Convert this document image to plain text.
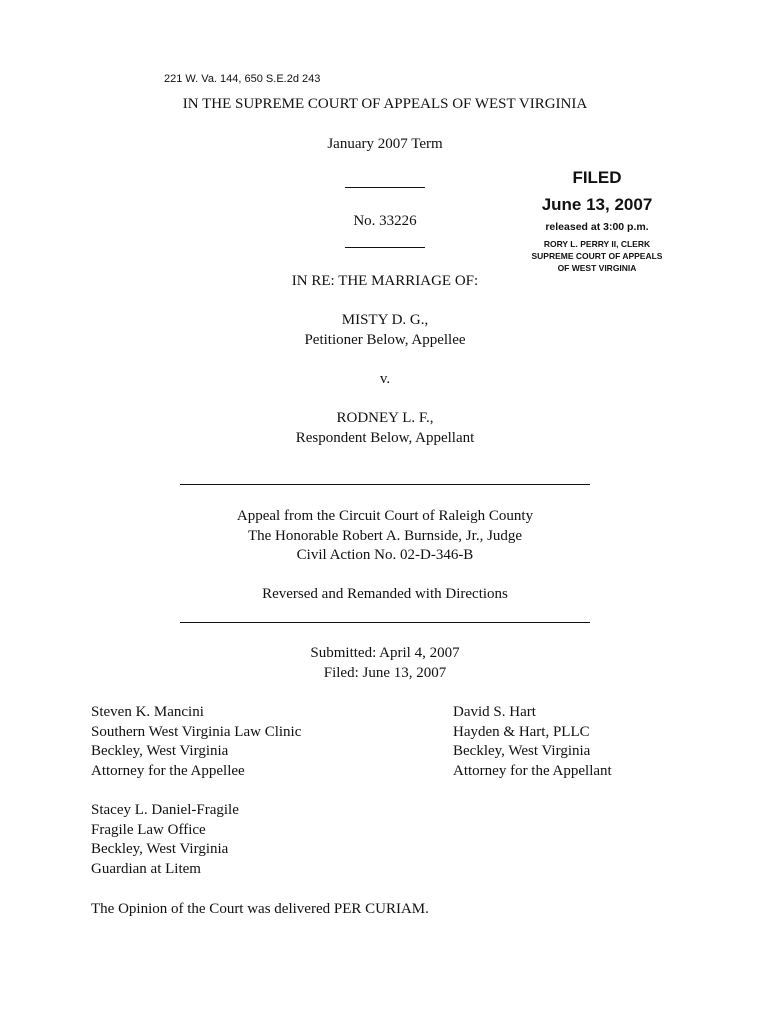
221 W. Va. 144, 650 S.E.2d 243
IN THE SUPREME COURT OF APPEALS OF WEST VIRGINIA
January 2007 Term
No. 33226
FILED
June 13, 2007
released at 3:00 p.m.
RORY L. PERRY II, CLERK
SUPREME COURT OF APPEALS
OF WEST VIRGINIA
IN RE: THE MARRIAGE OF:
MISTY D. G.,
Petitioner Below, Appellee
v.
RODNEY L. F.,
Respondent Below, Appellant
Appeal from the Circuit Court of Raleigh County
The Honorable Robert A. Burnside, Jr., Judge
Civil Action No. 02-D-346-B
Reversed and Remanded with Directions
Submitted: April 4, 2007
Filed: June 13, 2007
Steven K. Mancini
Southern West Virginia Law Clinic
Beckley, West Virginia
Attorney for the Appellee
David S. Hart
Hayden & Hart, PLLC
Beckley, West Virginia
Attorney for the Appellant
Stacey L. Daniel-Fragile
Fragile Law Office
Beckley, West Virginia
Guardian at Litem
The Opinion of the Court was delivered PER CURIAM.
